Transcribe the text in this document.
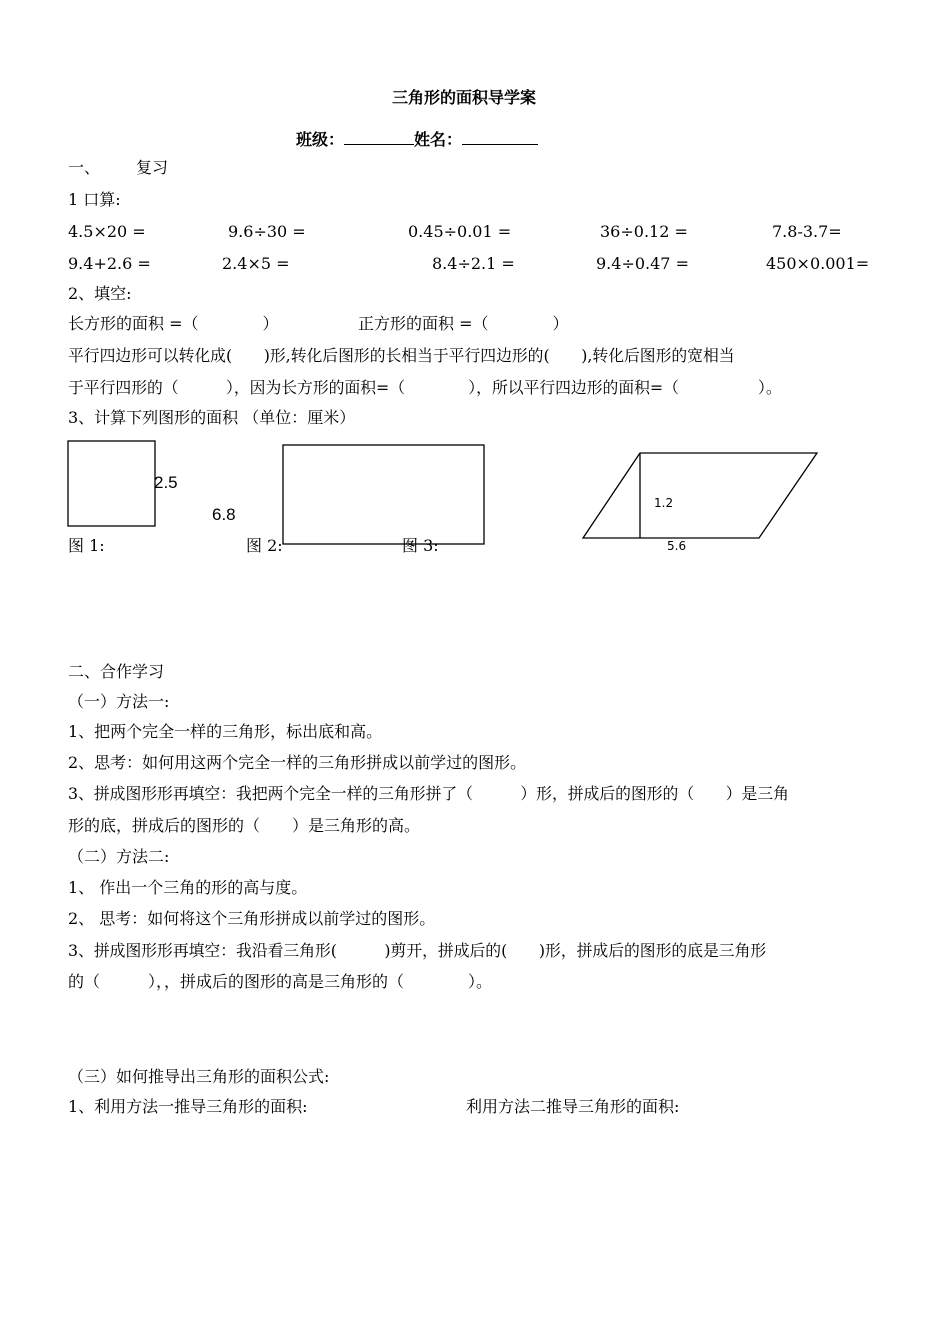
三角形的面积导学案
班级：	姓名：
一、 复习
1 口算:
4.5×20 =	9.6÷30 =	0.45÷0.01 =	36÷0.12 =	7.8-3.7=
9.4+2.6 =	2.4×5 =	8.4÷2.1 =	9.4÷0.47 =	450×0.001=
2、填空:
长方形的面积 =（　　　　）	正方形的面积 =（　　　　）
平行四边形可以转化成(　　)形,转化后图形的长相当于平行四边形的(　　),转化后图形的宽相当
于平行四形的（　　　），因为长方形的面积=（　　　　），所以平行四边形的面积=（　　　　　）。
3、计算下列图形的面积 （单位：厘米）
2.5
6.8
1.2
5.6
图 1:	图 2:	图 3:
二、合作学习
（一）方法一:
1、把两个完全一样的三角形，标出底和高。
2、思考：如何用这两个完全一样的三角形拼成以前学过的图形。
3、拼成图形形再填空：我把两个完全一样的三角形拼了（　　　）形，拼成后的图形的（　　）是三角
形的底，拼成后的图形的（　　）是三角形的高。
（二）方法二:
1、 作出一个三角的形的高与度。
2、 思考：如何将这个三角形拼成以前学过的图形。
3、拼成图形形再填空：我沿看三角形(　　　)剪开，拼成后的(　　)形，拼成后的图形的底是三角形
的（　　　），，拼成后的图形的高是三角形的（　　　　）。
（三）如何推导出三角形的面积公式:
1、利用方法一推导三角形的面积:	利用方法二推导三角形的面积:
